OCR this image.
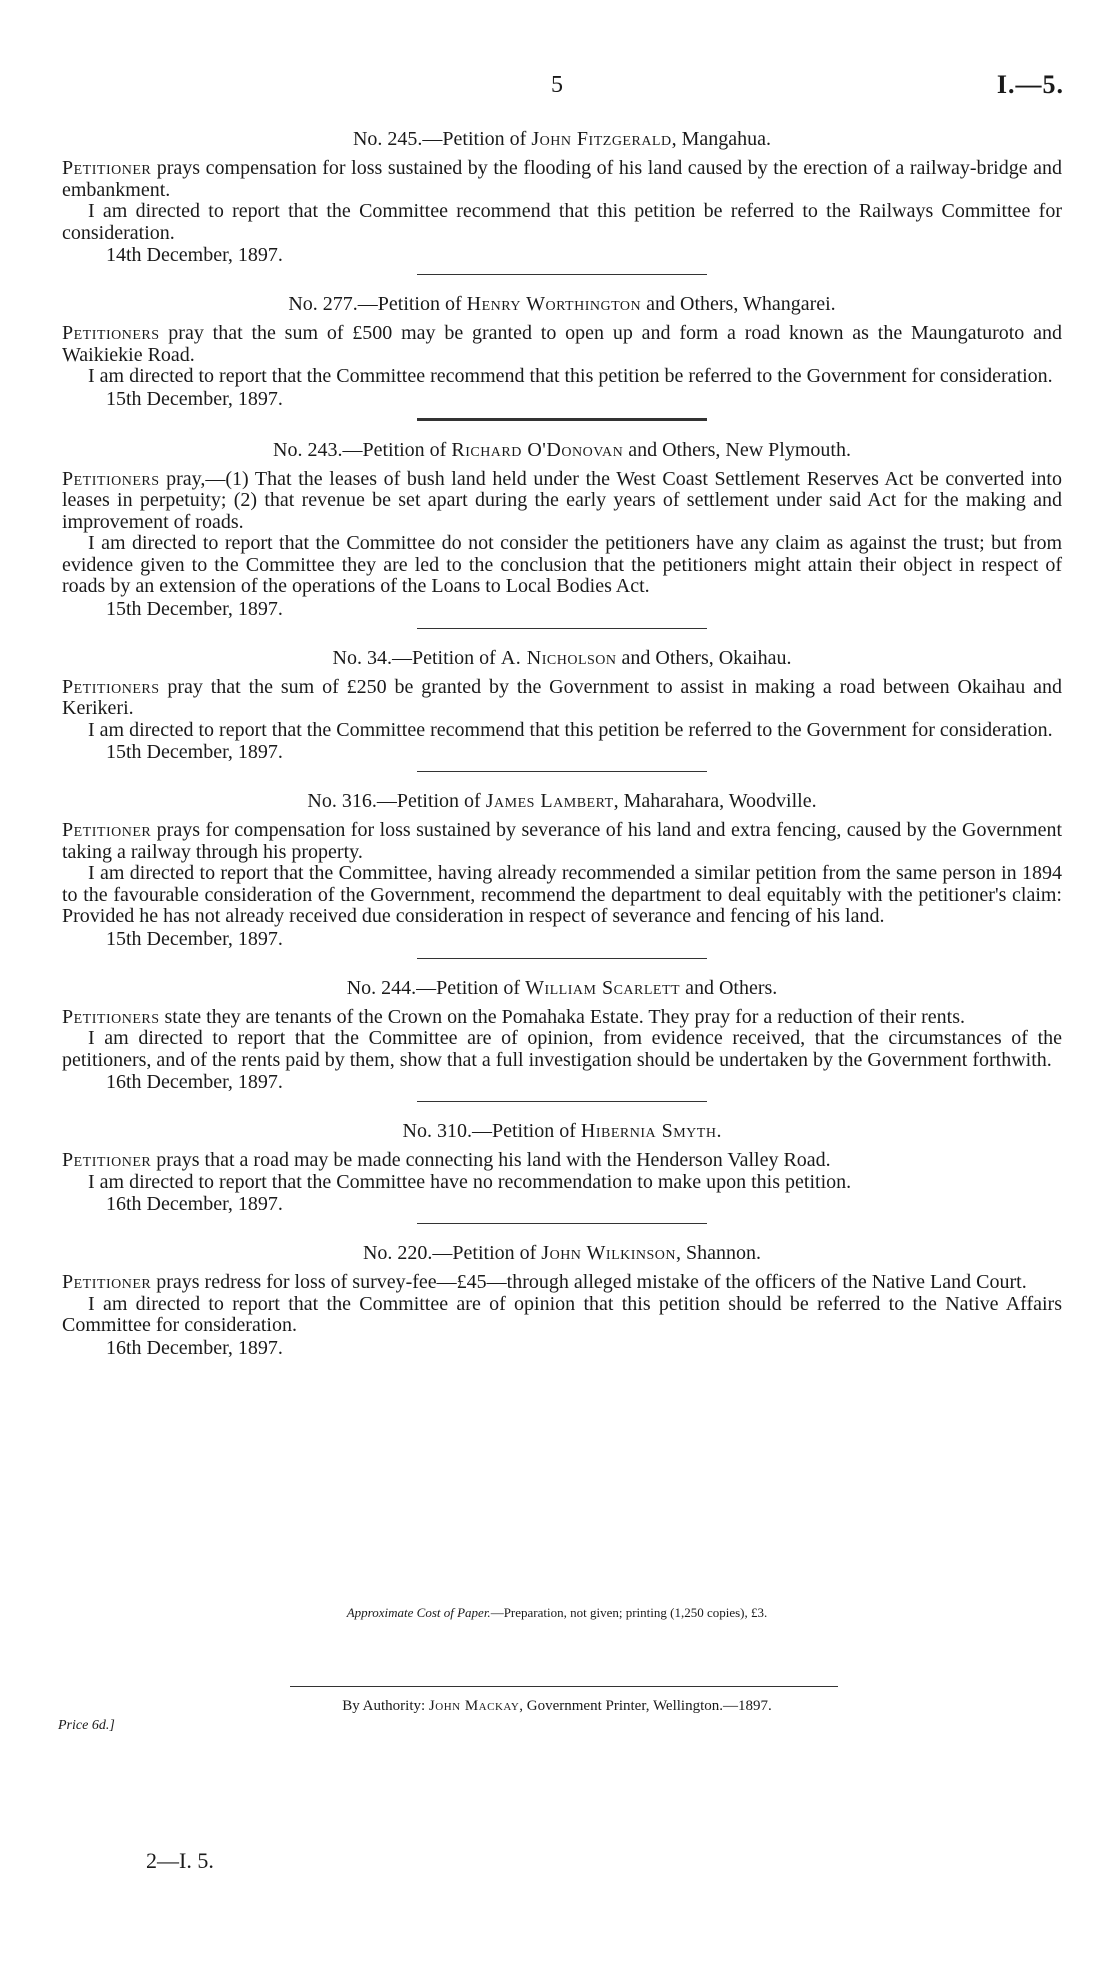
5	I.—5.

No. 245.—Petition of John Fitzgerald, Mangahua.

Petitioner prays compensation for loss sustained by the flooding of his land caused by the erection of a railway-bridge and embankment.

I am directed to report that the Committee recommend that this petition be referred to the Railways Committee for consideration.

14th December, 1897.

No. 277.—Petition of Henry Worthington and Others, Whangarei.

Petitioners pray that the sum of £500 may be granted to open up and form a road known as the Maungaturoto and Waikiekie Road.

I am directed to report that the Committee recommend that this petition be referred to the Government for consideration.

15th December, 1897.

No. 243.—Petition of Richard O'Donovan and Others, New Plymouth.

Petitioners pray,—(1) That the leases of bush land held under the West Coast Settlement Reserves Act be converted into leases in perpetuity; (2) that revenue be set apart during the early years of settlement under said Act for the making and improvement of roads.

I am directed to report that the Committee do not consider the petitioners have any claim as against the trust; but from evidence given to the Committee they are led to the conclusion that the petitioners might attain their object in respect of roads by an extension of the operations of the Loans to Local Bodies Act.

15th December, 1897.

No. 34.—Petition of A. Nicholson and Others, Okaihau.

Petitioners pray that the sum of £250 be granted by the Government to assist in making a road between Okaihau and Kerikeri.

I am directed to report that the Committee recommend that this petition be referred to the Government for consideration.

15th December, 1897.

No. 316.—Petition of James Lambert, Maharahara, Woodville.

Petitioner prays for compensation for loss sustained by severance of his land and extra fencing, caused by the Government taking a railway through his property.

I am directed to report that the Committee, having already recommended a similar petition from the same person in 1894 to the favourable consideration of the Government, recommend the department to deal equitably with the petitioner's claim: Provided he has not already received due consideration in respect of severance and fencing of his land.

15th December, 1897.

No. 244.—Petition of William Scarlett and Others.

Petitioners state they are tenants of the Crown on the Pomahaka Estate. They pray for a reduction of their rents.

I am directed to report that the Committee are of opinion, from evidence received, that the circumstances of the petitioners, and of the rents paid by them, show that a full investigation should be undertaken by the Government forthwith.

16th December, 1897.

No. 310.—Petition of Hibernia Smyth.

Petitioner prays that a road may be made connecting his land with the Henderson Valley Road.

I am directed to report that the Committee have no recommendation to make upon this petition.

16th December, 1897.

No. 220.—Petition of John Wilkinson, Shannon.

Petitioner prays redress for loss of survey-fee—£45—through alleged mistake of the officers of the Native Land Court.

I am directed to report that the Committee are of opinion that this petition should be referred to the Native Affairs Committee for consideration.

16th December, 1897.

Approximate Cost of Paper.—Preparation, not given; printing (1,250 copies), £3.
By Authority: John Mackay, Government Printer, Wellington.—1897.
Price 6d.]
2—I. 5.
